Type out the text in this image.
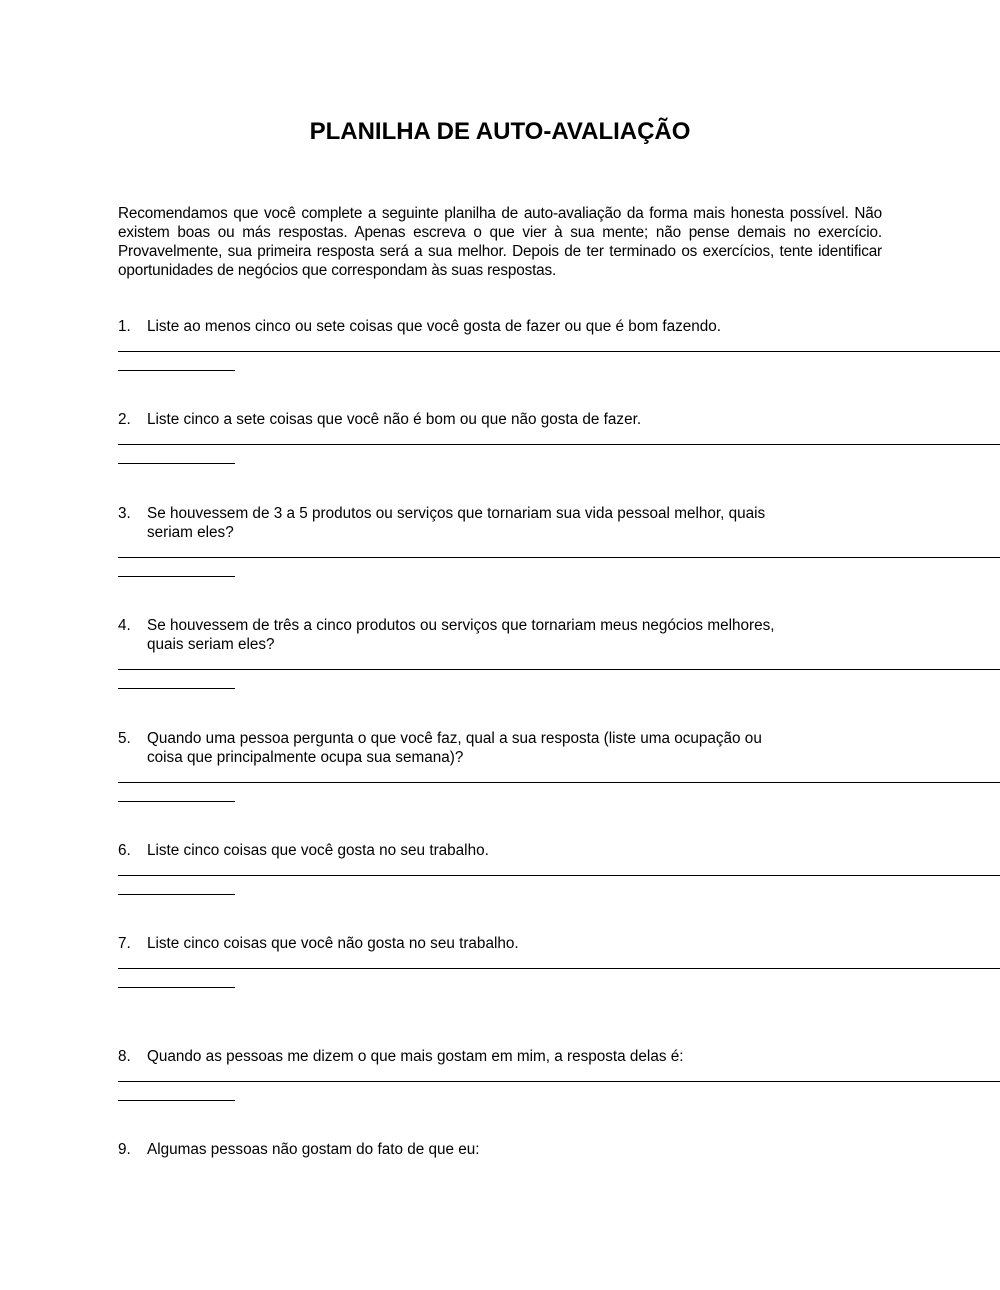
PLANILHA DE AUTO-AVALIAÇÃO
Recomendamos que você complete a seguinte planilha de auto-avaliação da forma mais honesta possível. Não existem boas ou más respostas. Apenas escreva o que vier à sua mente; não pense demais no exercício. Provavelmente, sua primeira resposta será a sua melhor. Depois de ter terminado os exercícios, tente identificar oportunidades de negócios que correspondam às suas respostas.
1. Liste ao menos cinco ou sete coisas que você gosta de fazer ou que é bom fazendo.
2. Liste cinco a sete coisas que você não é bom ou que não gosta de fazer.
3. Se houvessem de 3 a 5 produtos ou serviços que tornariam sua vida pessoal melhor, quais
seriam eles?
4. Se houvessem de três a cinco produtos ou serviços que tornariam meus negócios melhores,
quais seriam eles?
5. Quando uma pessoa pergunta o que você faz, qual a sua resposta (liste uma ocupação ou
coisa que principalmente ocupa sua semana)?
6. Liste cinco coisas que você gosta no seu trabalho.
7. Liste cinco coisas que você não gosta no seu trabalho.
8. Quando as pessoas me dizem o que mais gostam em mim, a resposta delas é:
9. Algumas pessoas não gostam do fato de que eu:
